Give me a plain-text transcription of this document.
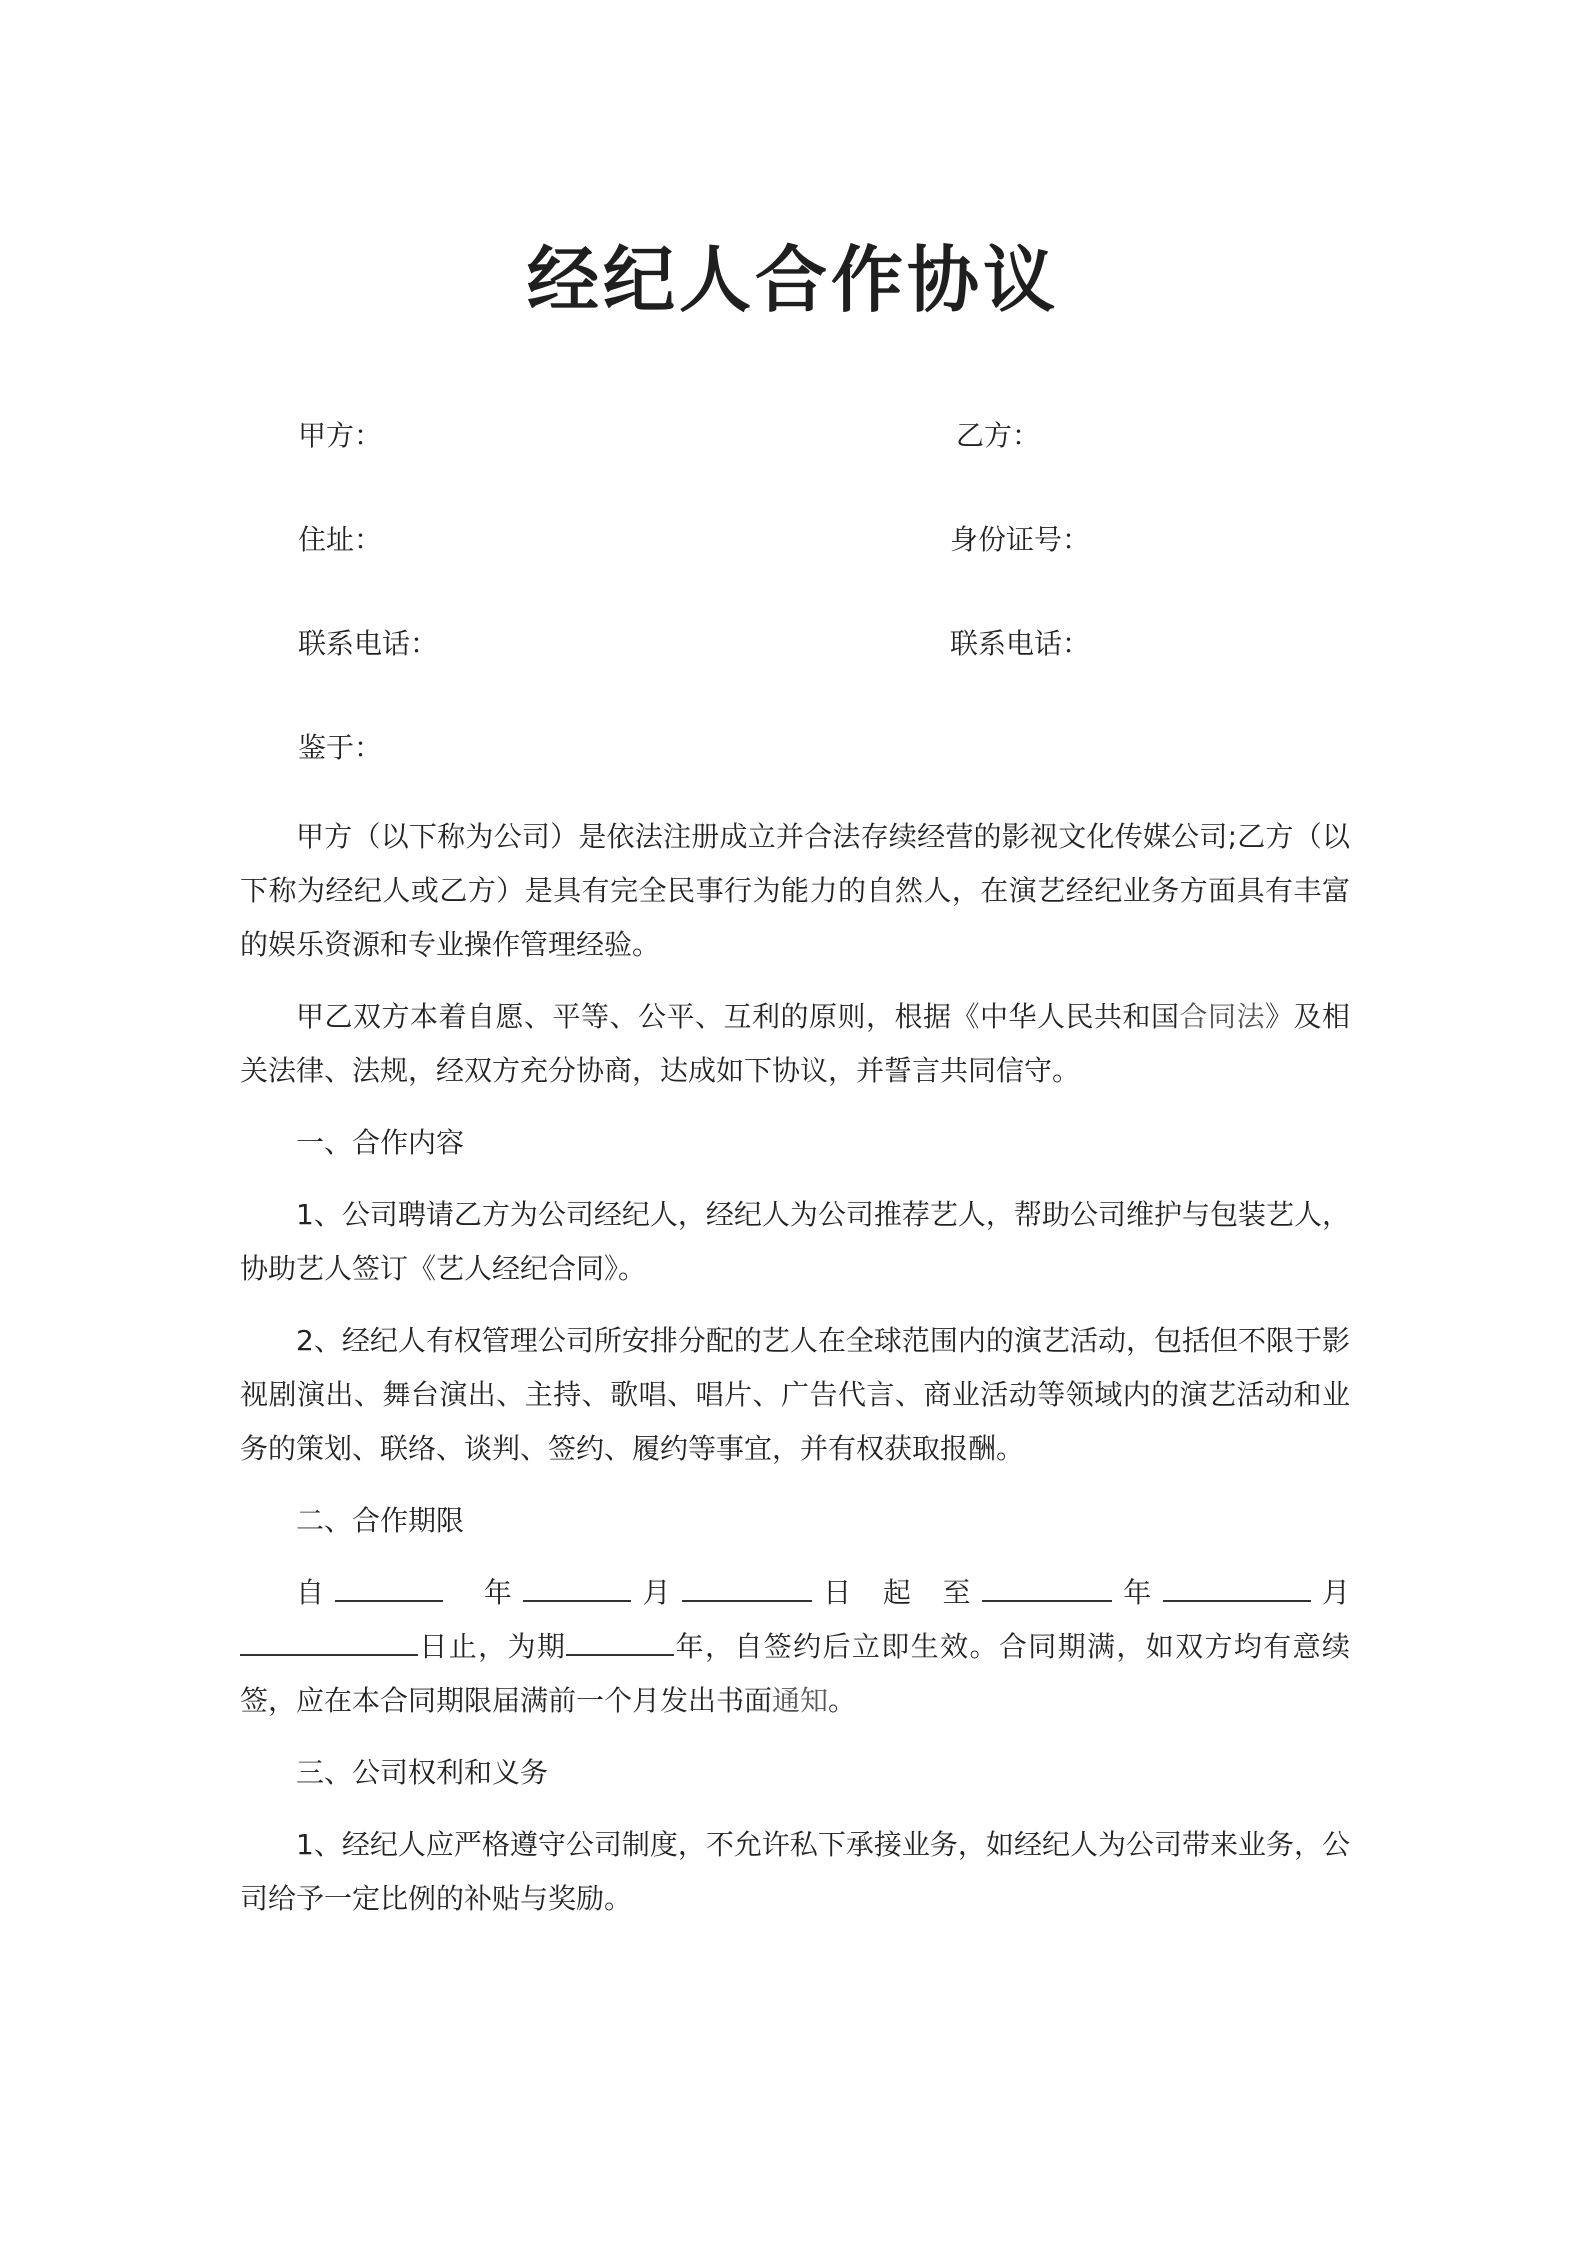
经纪人合作协议
甲方：	乙方：
住址：	身份证号：
联系电话：	联系电话：
鉴于：

甲方（以下称为公司）是依法注册成立并合法存续经营的影视文化传媒公司;乙方（以下称为经纪人或乙方）是具有完全民事行为能力的自然人，在演艺经纪业务方面具有丰富的娱乐资源和专业操作管理经验。

甲乙双方本着自愿、平等、公平、互利的原则，根据《中华人民共和国合同法》及相关法律、法规，经双方充分协商，达成如下协议，并誓言共同信守。

一、合作内容

1、公司聘请乙方为公司经纪人，经纪人为公司推荐艺人，帮助公司维护与包装艺人，协助艺人签订《艺人经纪合同》。

2、经纪人有权管理公司所安排分配的艺人在全球范围内的演艺活动，包括但不限于影视剧演出、舞台演出、主持、歌唱、唱片、广告代言、商业活动等领域内的演艺活动和业务的策划、联络、谈判、签约、履约等事宜，并有权获取报酬。

二、合作期限

自	年	月	日 起 至	年	月日止，为期	年，自签约后立即生效。合同期满，如双方均有意续签，应在本合同期限届满前一个月发出书面通知。

三、公司权利和义务

1、经纪人应严格遵守公司制度，不允许私下承接业务，如经纪人为公司带来业务，公司给予一定比例的补贴与奖励。
